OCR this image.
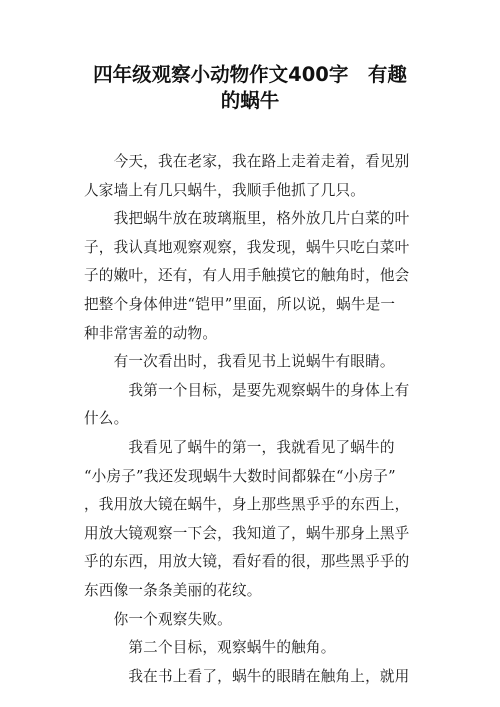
四年级观察小动物作文400字　有趣
的蜗牛

　　今天，我在老家，我在路上走着走着，看见别
人家墙上有几只蜗牛，我顺手他抓了几只。

　　我把蜗牛放在玻璃瓶里，格外放几片白菜的叶
子，我认真地观察观察，我发现，蜗牛只吃白菜叶
子的嫩叶，还有，有人用手触摸它的触角时，他会
把整个身体伸进“铠甲”里面，所以说，蜗牛是一
种非常害羞的动物。

　　有一次看出时，我看见书上说蜗牛有眼睛。

　　　我第一个目标，是要先观察蜗牛的身体上有
什么。

　　　我看见了蜗牛的第一，我就看见了蜗牛的
“小房子”我还发现蜗牛大数时间都躲在“小房子”
，我用放大镜在蜗牛，身上那些黑乎乎的东西上，
用放大镜观察一下会，我知道了，蜗牛那身上黑乎
乎的东西，用放大镜，看好看的很，那些黑乎乎的
东西像一条条美丽的花纹。

　　你一个观察失败。

　　　第二个目标，观察蜗牛的触角。

　　　我在书上看了，蜗牛的眼睛在触角上，就用
